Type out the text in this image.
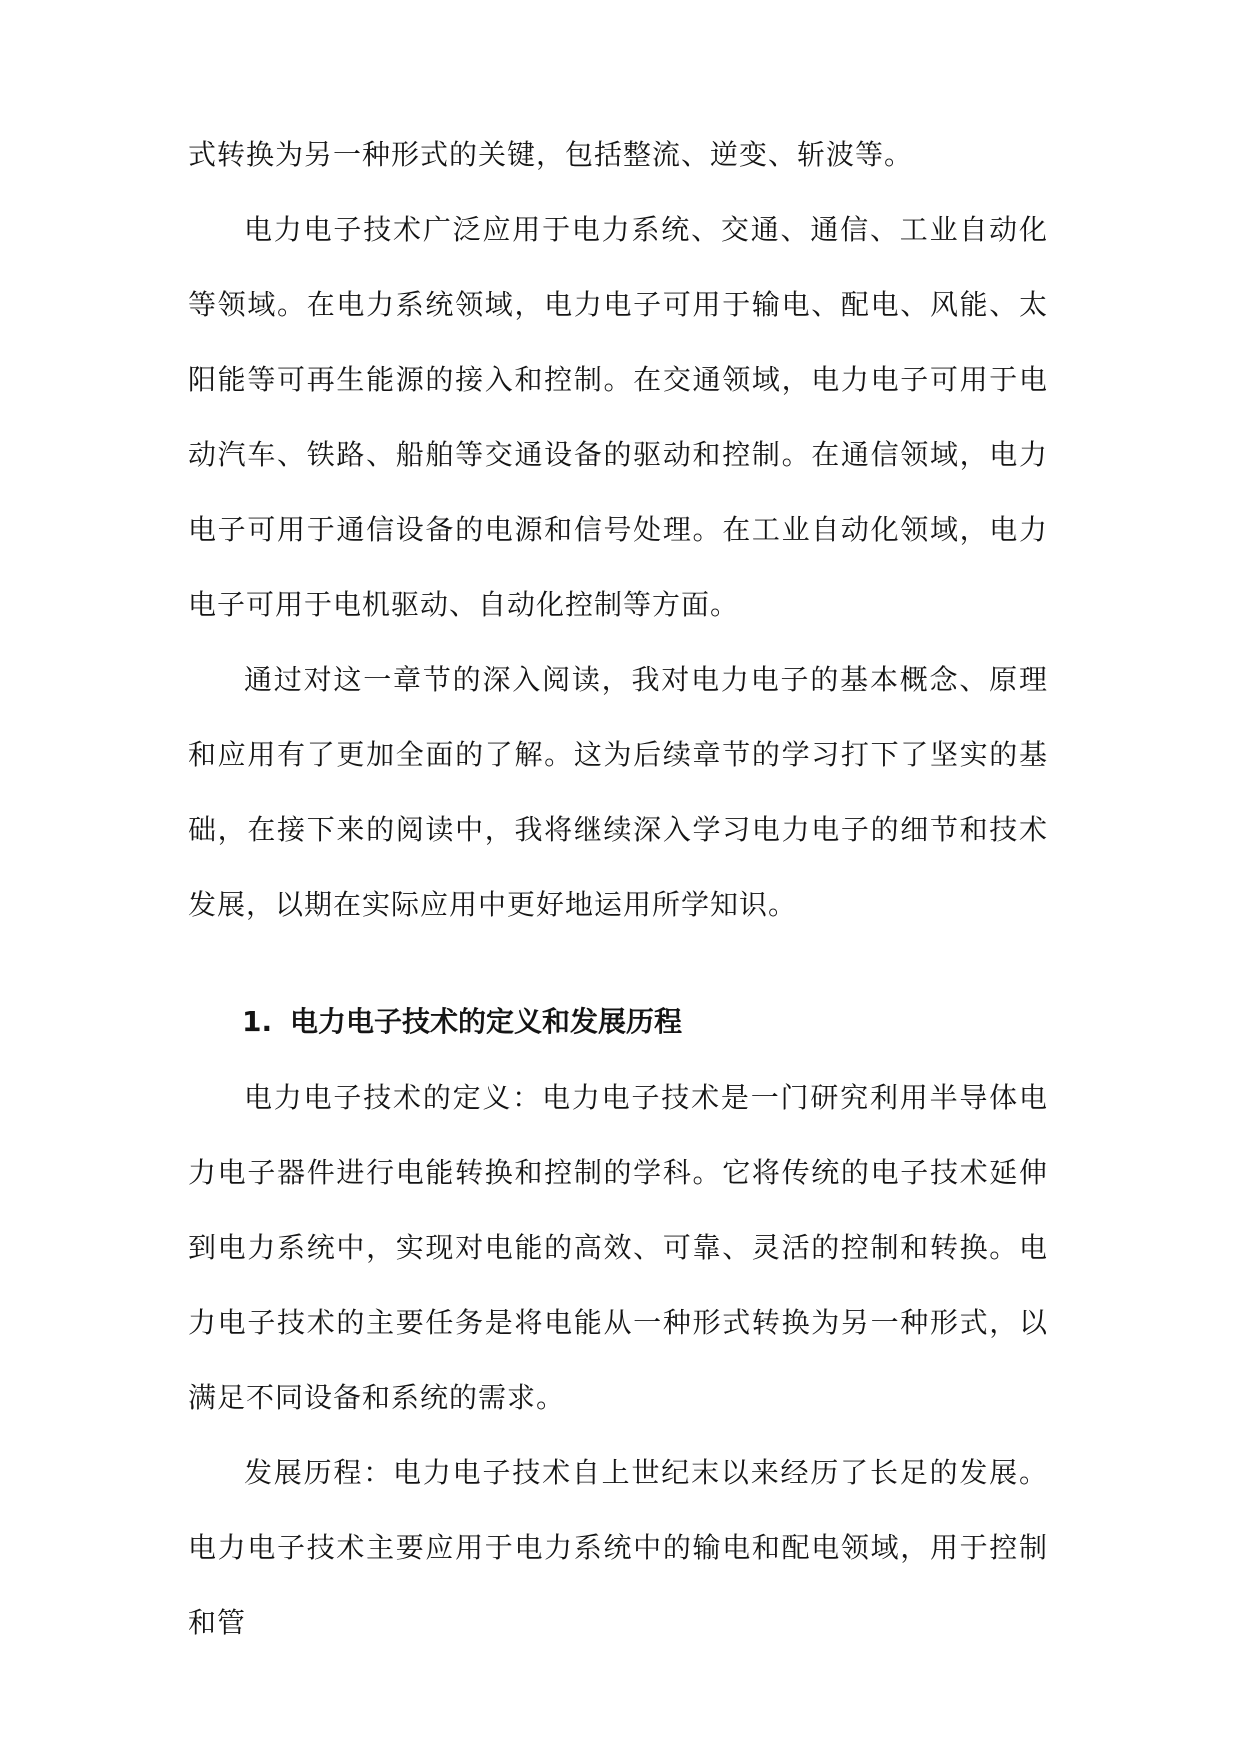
式转换为另一种形式的关键，包括整流、逆变、斩波等。

电力电子技术广泛应用于电力系统、交通、通信、工业自动化等领域。在电力系统领域，电力电子可用于输电、配电、风能、太阳能等可再生能源的接入和控制。在交通领域，电力电子可用于电动汽车、铁路、船舶等交通设备的驱动和控制。在通信领域，电力电子可用于通信设备的电源和信号处理。在工业自动化领域，电力电子可用于电机驱动、自动化控制等方面。

通过对这一章节的深入阅读，我对电力电子的基本概念、原理和应用有了更加全面的了解。这为后续章节的学习打下了坚实的基础，在接下来的阅读中，我将继续深入学习电力电子的细节和技术发展，以期在实际应用中更好地运用所学知识。

1. 电力电子技术的定义和发展历程

电力电子技术的定义：电力电子技术是一门研究利用半导体电力电子器件进行电能转换和控制的学科。它将传统的电子技术延伸到电力系统中，实现对电能的高效、可靠、灵活的控制和转换。电力电子技术的主要任务是将电能从一种形式转换为另一种形式，以满足不同设备和系统的需求。

发展历程：电力电子技术自上世纪末以来经历了长足的发展。电力电子技术主要应用于电力系统中的输电和配电领域，用于控制和管
